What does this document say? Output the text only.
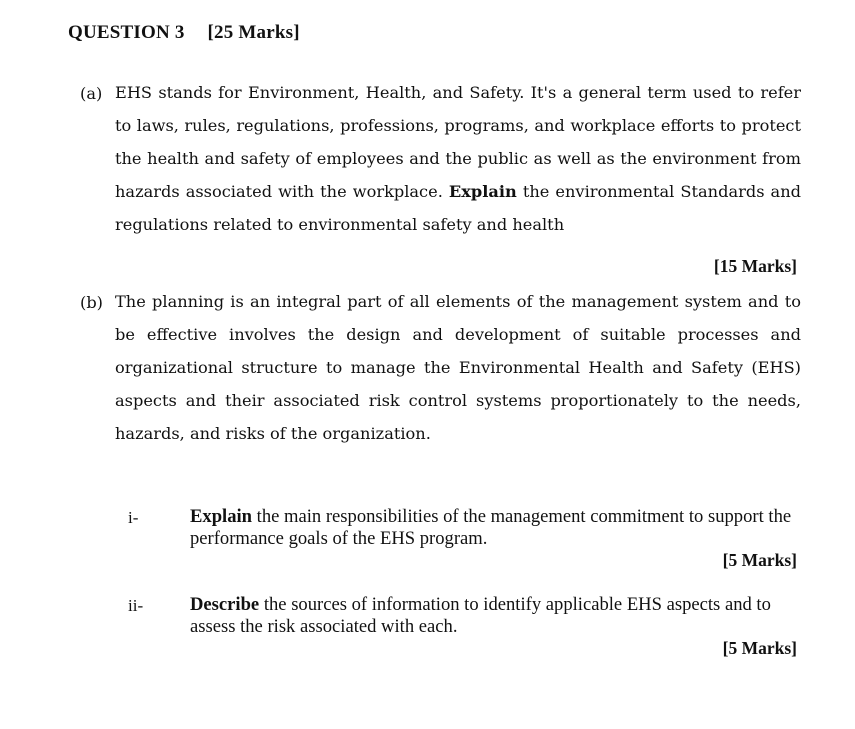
QUESTION 3 [25 Marks]
(a) EHS stands for Environment, Health, and Safety. It's a general term used to refer to laws, rules, regulations, professions, programs, and workplace efforts to protect the health and safety of employees and the public as well as the environment from hazards associated with the workplace. Explain the environmental Standards and regulations related to environmental safety and health

[15 Marks]
(b) The planning is an integral part of all elements of the management system and to be effective involves the design and development of suitable processes and organizational structure to manage the Environmental Health and Safety (EHS) aspects and their associated risk control systems proportionately to the needs, hazards, and risks of the organization.

i-	Explain the main responsibilities of the management commitment to support the performance goals of the EHS program.
[5 Marks]
ii-	Describe the sources of information to identify applicable EHS aspects and to assess the risk associated with each.
[5 Marks]
